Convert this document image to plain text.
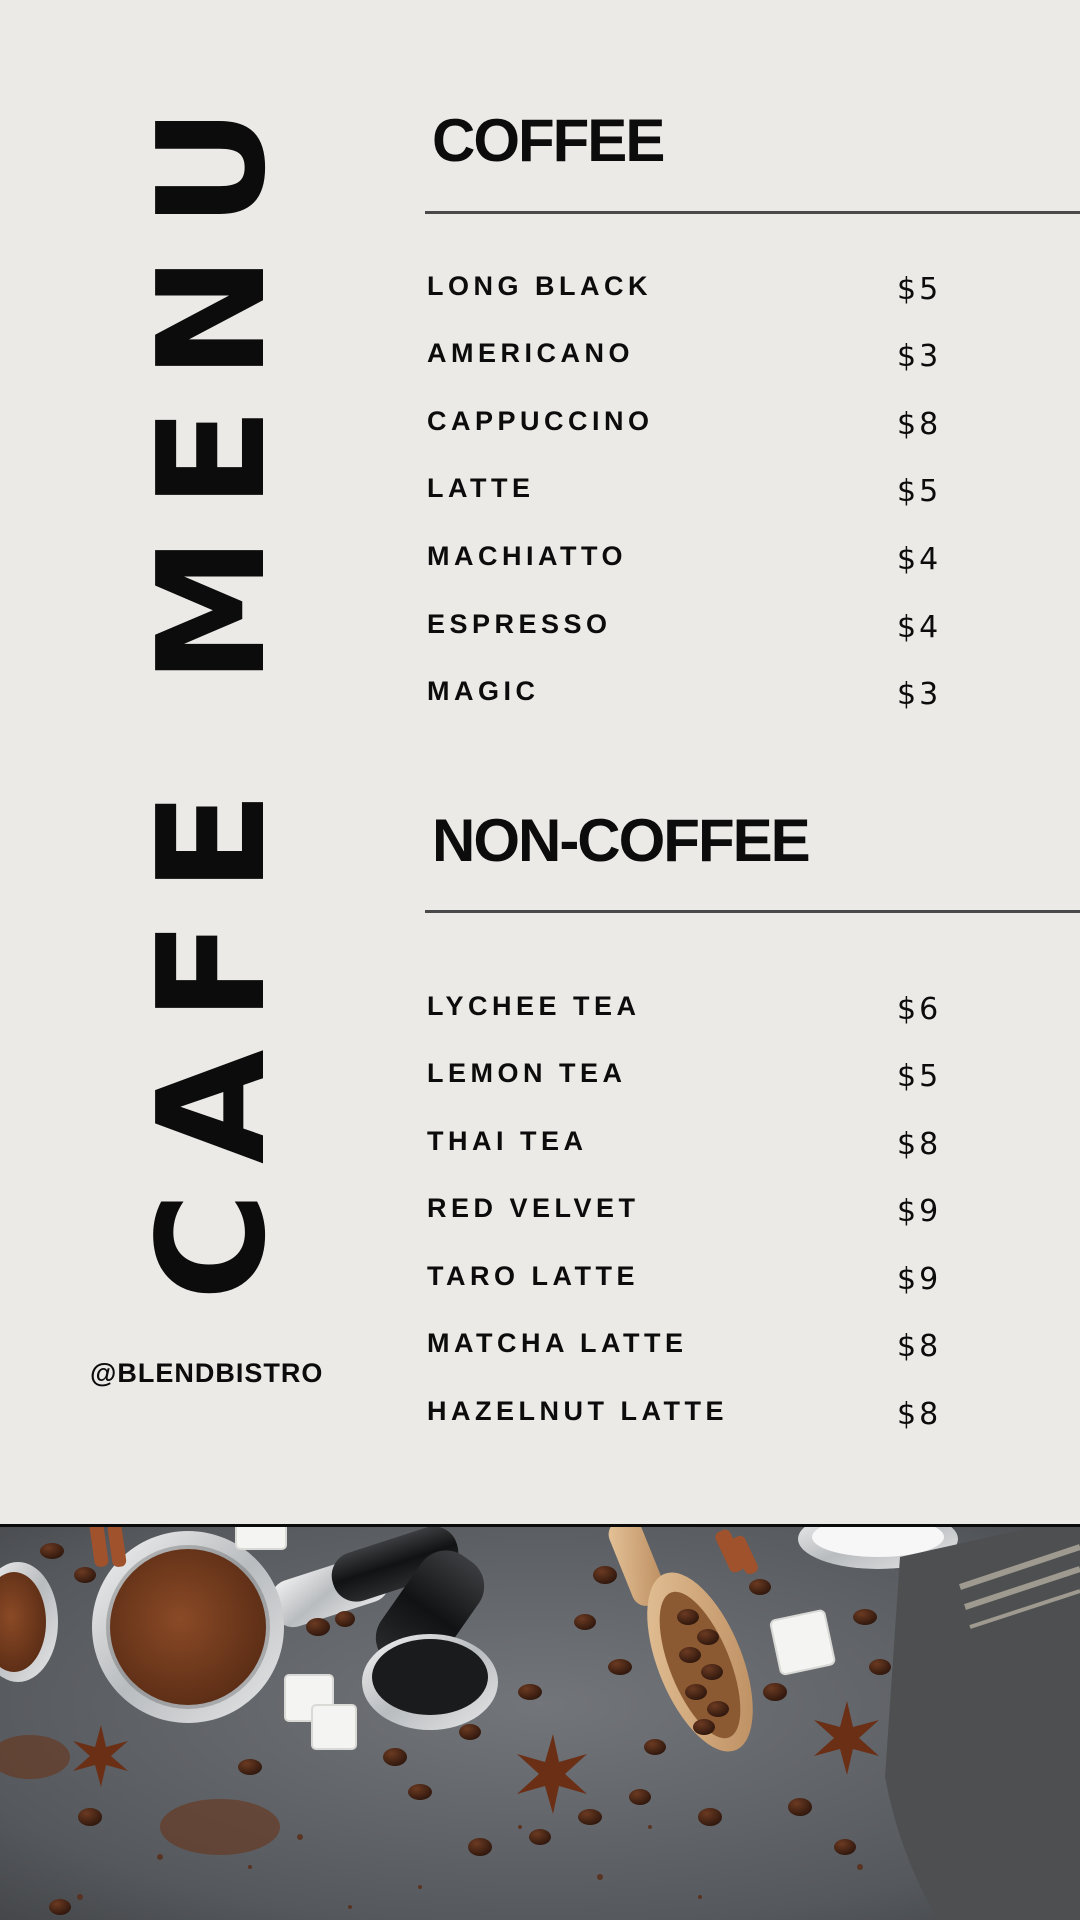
CAFE MENU
@BLENDBISTRO
COFFEE
LONG BLACK	$5
AMERICANO	$3
CAPPUCCINO	$8
LATTE	$5
MACHIATTO	$4
ESPRESSO	$4
MAGIC	$3
NON-COFFEE
LYCHEE TEA	$6
LEMON TEA	$5
THAI TEA	$8
RED VELVET	$9
TARO LATTE	$9
MATCHA LATTE	$8
HAZELNUT LATTE	$8
